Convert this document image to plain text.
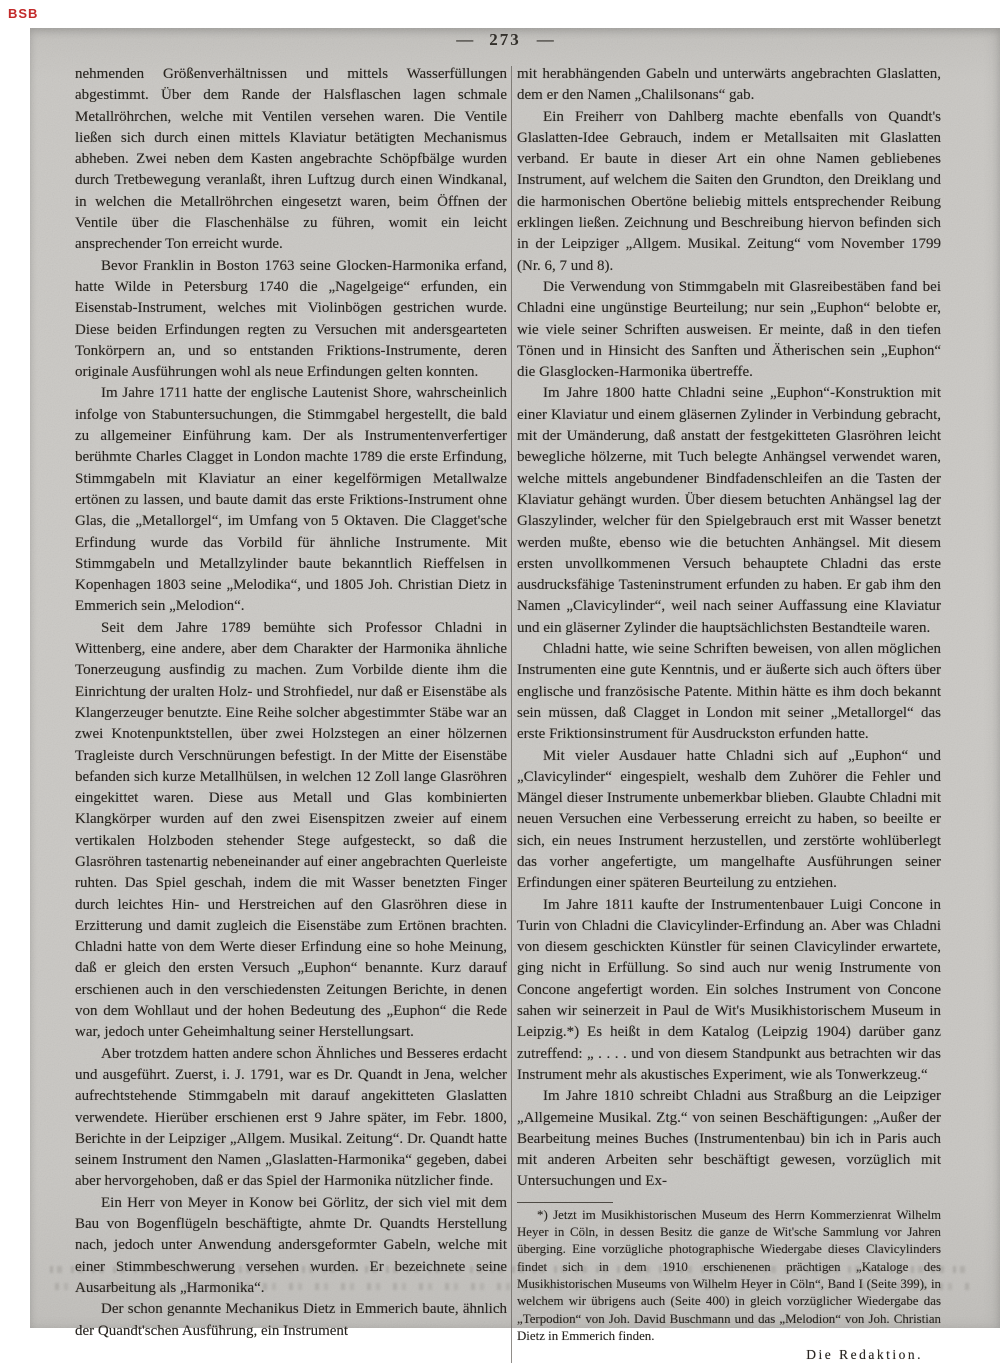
BSB
— 273 —

nehmenden Größenverhältnissen und mittels Wasserfüllungen abgestimmt. Über dem Rande der Halsflaschen lagen schmale Metallröhrchen, welche mit Ventilen versehen waren. Die Ventile ließen sich durch einen mittels Klaviatur betätigten Mechanismus abheben. Zwei neben dem Kasten angebrachte Schöpfbälge wurden durch Tretbewegung veranlaßt, ihren Luftzug durch einen Windkanal, in welchen die Metallröhrchen eingesetzt waren, beim Öffnen der Ventile über die Flaschenhälse zu führen, womit ein leicht ansprechender Ton erreicht wurde.

Bevor Franklin in Boston 1763 seine Glocken-Harmonika erfand, hatte Wilde in Petersburg 1740 die „Nagelgeige“ erfunden, ein Eisenstab-Instrument, welches mit Violinbögen gestrichen wurde. Diese beiden Erfindungen regten zu Versuchen mit andersgearteten Tonkörpern an, und so entstanden Friktions-Instrumente, deren originale Ausführungen wohl als neue Erfindungen gelten konnten.

Im Jahre 1711 hatte der englische Lautenist Shore, wahrscheinlich infolge von Stabuntersuchungen, die Stimmgabel hergestellt, die bald zu allgemeiner Einführung kam. Der als Instrumentenverfertiger berühmte Charles Clagget in London machte 1789 die erste Erfindung, Stimmgabeln mit Klaviatur an einer kegelförmigen Metallwalze ertönen zu lassen, und baute damit das erste Friktions-Instrument ohne Glas, die „Metallorgel“, im Umfang von 5 Oktaven. Die Clagget'sche Erfindung wurde das Vorbild für ähnliche Instrumente. Mit Stimmgabeln und Metallzylinder baute bekanntlich Rieffelsen in Kopenhagen 1803 seine „Melodika“, und 1805 Joh. Christian Dietz in Emmerich sein „Melodion“.

Seit dem Jahre 1789 bemühte sich Professor Chladni in Wittenberg, eine andere, aber dem Charakter der Harmonika ähnliche Tonerzeugung ausfindig zu machen. Zum Vorbilde diente ihm die Einrichtung der uralten Holz- und Strohfiedel, nur daß er Eisenstäbe als Klangerzeuger benutzte. Eine Reihe solcher abgestimmter Stäbe war an zwei Knotenpunktstellen, über zwei Holzstegen an einer hölzernen Tragleiste durch Verschnürungen befestigt. In der Mitte der Eisenstäbe befanden sich kurze Metallhülsen, in welchen 12 Zoll lange Glasröhren eingekittet waren. Diese aus Metall und Glas kombinierten Klangkörper wurden auf den zwei Eisenspitzen zweier auf einem vertikalen Holzboden stehender Stege aufgesteckt, so daß die Glasröhren tastenartig nebeneinander auf einer angebrachten Querleiste ruhten. Das Spiel geschah, indem die mit Wasser benetzten Finger durch leichtes Hin- und Herstreichen auf den Glasröhren diese in Erzitterung und damit zugleich die Eisenstäbe zum Ertönen brachten. Chladni hatte von dem Werte dieser Erfindung eine so hohe Meinung, daß er gleich den ersten Versuch „Euphon“ benannte. Kurz darauf erschienen auch in den verschiedensten Zeitungen Berichte, in denen von dem Wohllaut und der hohen Bedeutung des „Euphon“ die Rede war, jedoch unter Geheimhaltung seiner Herstellungsart.

Aber trotzdem hatten andere schon Ähnliches und Besseres erdacht und ausgeführt. Zuerst, i. J. 1791, war es Dr. Quandt in Jena, welcher aufrechtstehende Stimmgabeln mit darauf angekitteten Glaslatten verwendete. Hierüber erschienen erst 9 Jahre später, im Febr. 1800, Berichte in der Leipziger „Allgem. Musikal. Zeitung“. Dr. Quandt hatte seinem Instrument den Namen „Glaslatten-Harmonika“ gegeben, dabei aber hervorgehoben, daß er das Spiel der Harmonika nützlicher finde.

Ein Herr von Meyer in Konow bei Görlitz, der sich viel mit dem Bau von Bogenflügeln beschäftigte, ahmte Dr. Quandts Herstellung nach, jedoch unter Anwendung andersgeformter Gabeln, welche mit einer Stimmbeschwerung versehen wurden. Er bezeichnete seine Ausarbeitung als „Harmonika“.

Der schon genannte Mechanikus Dietz in Emmerich baute, ähnlich der Quandt'schen Ausführung, ein Instrument

mit herabhängenden Gabeln und unterwärts angebrachten Glaslatten, dem er den Namen „Chalilsonans“ gab.

Ein Freiherr von Dahlberg machte ebenfalls von Quandt's Glaslatten-Idee Gebrauch, indem er Metallsaiten mit Glaslatten verband. Er baute in dieser Art ein ohne Namen gebliebenes Instrument, auf welchem die Saiten den Grundton, den Dreiklang und die harmonischen Obertöne beliebig mittels entsprechender Reibung erklingen ließen. Zeichnung und Beschreibung hiervon befinden sich in der Leipziger „Allgem. Musikal. Zeitung“ vom November 1799 (Nr. 6, 7 und 8).

Die Verwendung von Stimmgabeln mit Glasreibestäben fand bei Chladni eine ungünstige Beurteilung; nur sein „Euphon“ belobte er, wie viele seiner Schriften ausweisen. Er meinte, daß in den tiefen Tönen und in Hinsicht des Sanften und Ätherischen sein „Euphon“ die Glasglocken-Harmonika übertreffe.

Im Jahre 1800 hatte Chladni seine „Euphon“-Konstruktion mit einer Klaviatur und einem gläsernen Zylinder in Verbindung gebracht, mit der Umänderung, daß anstatt der festgekitteten Glasröhren leicht bewegliche hölzerne, mit Tuch belegte Anhängsel verwendet waren, welche mittels angebundener Bindfadenschleifen an die Tasten der Klaviatur gehängt wurden. Über diesem betuchten Anhängsel lag der Glaszylinder, welcher für den Spielgebrauch erst mit Wasser benetzt werden mußte, ebenso wie die betuchten Anhängsel. Mit diesem ersten unvollkommenen Versuch behauptete Chladni das erste ausdrucksfähige Tasteninstrument erfunden zu haben. Er gab ihm den Namen „Clavicylinder“, weil nach seiner Auffassung eine Klaviatur und ein gläserner Zylinder die hauptsächlichsten Bestandteile waren.

Chladni hatte, wie seine Schriften beweisen, von allen möglichen Instrumenten eine gute Kenntnis, und er äußerte sich auch öfters über englische und französische Patente. Mithin hätte es ihm doch bekannt sein müssen, daß Clagget in London mit seiner „Metallorgel“ das erste Friktionsinstrument für Ausdruckston erfunden hatte.

Mit vieler Ausdauer hatte Chladni sich auf „Euphon“ und „Clavicylinder“ eingespielt, weshalb dem Zuhörer die Fehler und Mängel dieser Instrumente unbemerkbar blieben. Glaubte Chladni mit neuen Versuchen eine Verbesserung erreicht zu haben, so beeilte er sich, ein neues Instrument herzustellen, und zerstörte wohlüberlegt das vorher angefertigte, um mangelhafte Ausführungen seiner Erfindungen einer späteren Beurteilung zu entziehen.

Im Jahre 1811 kaufte der Instrumentenbauer Luigi Concone in Turin von Chladni die Clavicylinder-Erfindung an. Aber was Chladni von diesem geschickten Künstler für seinen Clavicylinder erwartete, ging nicht in Erfüllung. So sind auch nur wenig Instrumente von Concone angefertigt worden. Ein solches Instrument von Concone sahen wir seinerzeit in Paul de Wit's Musikhistorischem Museum in Leipzig.*) Es heißt in dem Katalog (Leipzig 1904) darüber ganz zutreffend: „ . . . . und von diesem Standpunkt aus betrachten wir das Instrument mehr als akustisches Experiment, wie als Tonwerkzeug.“

Im Jahre 1810 schreibt Chladni aus Straßburg an die Leipziger „Allgemeine Musikal. Ztg.“ von seinen Beschäftigungen: „Außer der Bearbeitung meines Buches (Instrumentenbau) bin ich in Paris auch mit anderen Arbeiten sehr beschäftigt gewesen, vorzüglich mit Untersuchungen und Ex-

*) Jetzt im Musikhistorischen Museum des Herrn Kommerzienrat Wilhelm Heyer in Cöln, in dessen Besitz die ganze de Wit'sche Sammlung vor Jahren überging. Eine vorzügliche photographische Wiedergabe dieses Clavicylinders findet sich in dem 1910 erschienenen prächtigen „Kataloge des Musikhistorischen Museums von Wilhelm Heyer in Cöln“, Band I (Seite 399), in welchem wir übrigens auch (Seite 400) in gleich vorzüglicher Wiedergabe das „Terpodion“ von Joh. David Buschmann und das „Melodion“ von Joh. Christian Dietz in Emmerich finden.

Die Redaktion.
